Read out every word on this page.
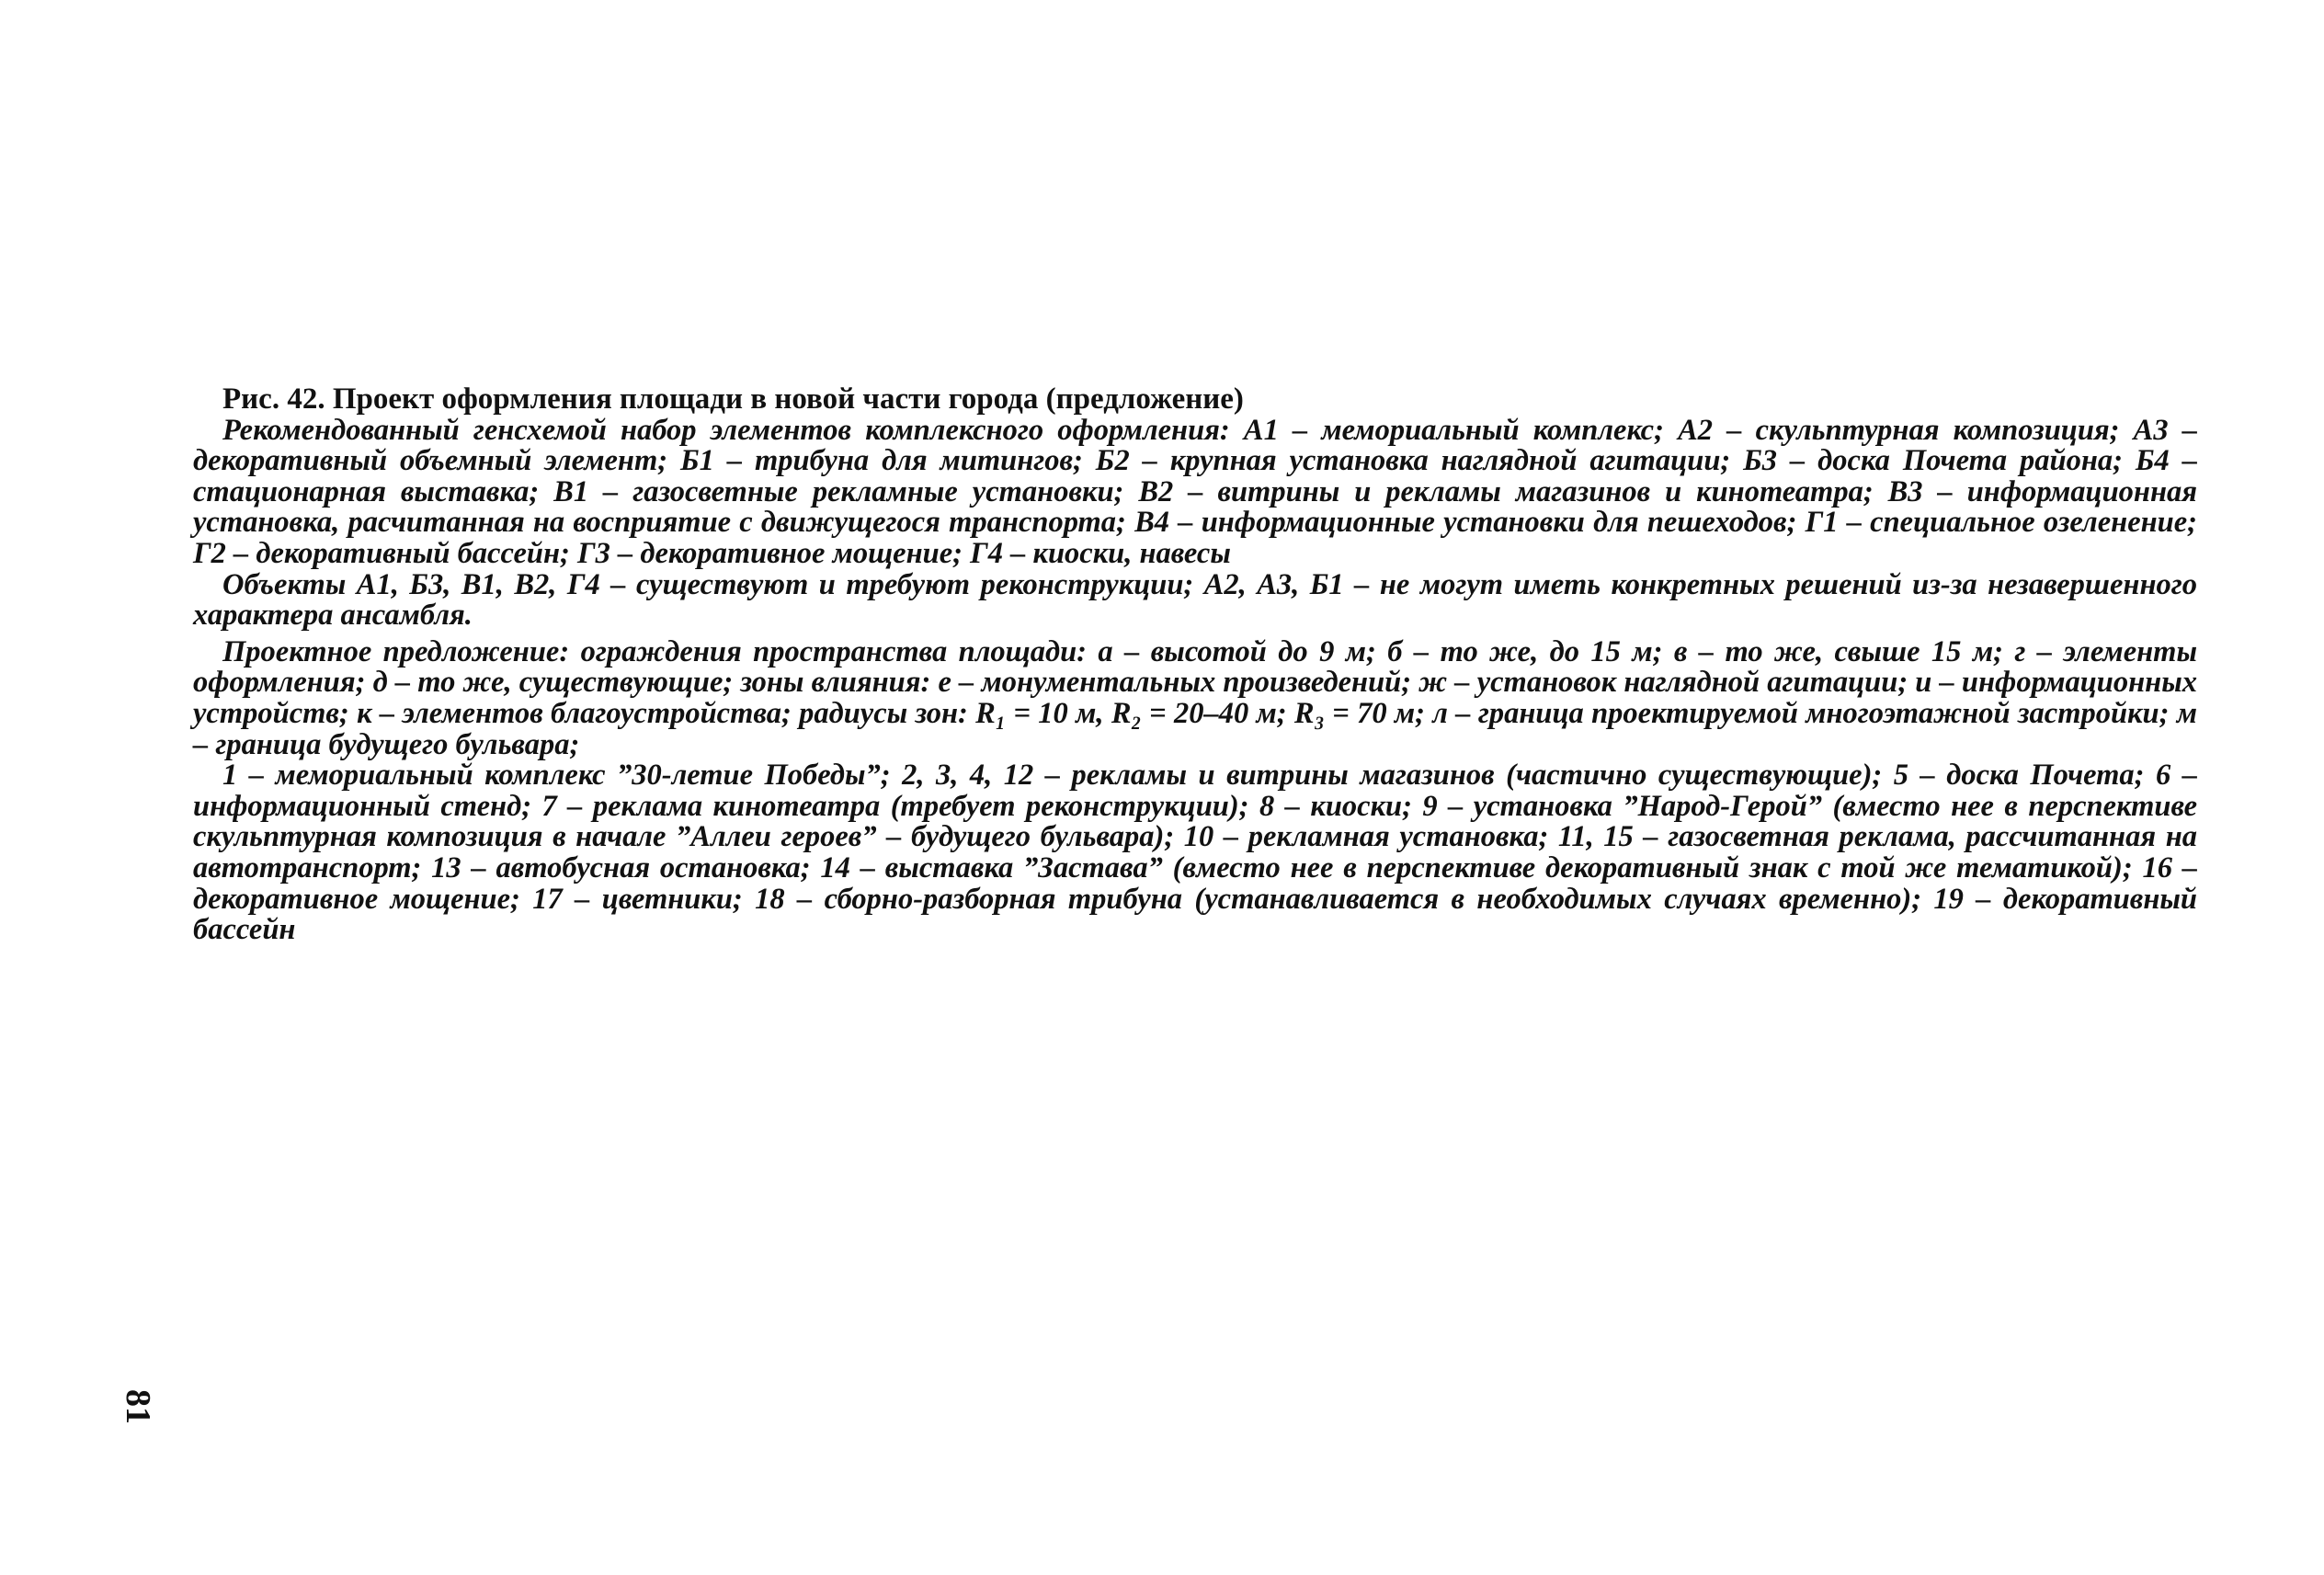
Рис. 42. Проект оформления площади в новой части города (предложение)

Рекомендованный генсхемой набор элементов комплексного оформления: А1 – мемориальный комплекс; А2 – скульптурная композиция; А3 – декоративный объемный элемент; Б1 – трибуна для митингов; Б2 – крупная установка наглядной агитации; Б3 – доска Почета района; Б4 – стационарная выставка; В1 – газосветные рекламные установки; В2 – витрины и рекламы магазинов и кинотеатра; В3 – информационная установка, расчитанная на восприятие с движущегося транспорта; В4 – информационные установки для пешеходов; Г1 – специальное озеленение; Г2 – декоративный бассейн; Г3 – декоративное мощение; Г4 – киоски, навесы

Объекты А1, Б3, В1, В2, Г4 – существуют и требуют реконструкции; А2, А3, Б1 – не могут иметь конкретных решений из-за незавершенного характера ансамбля.

Проектное предложение: ограждения пространства площади: а – высотой до 9 м; б – то же, до 15 м; в – то же, свыше 15 м; г – элементы оформления; д – то же, существующие; зоны влияния: е – монументальных произведений; ж – установок наглядной агитации; и – информационных устройств; к – элементов благоустройства; радиусы зон: R₁ = 10 м, R₂ = 20–40 м; R₃ = 70 м; л – граница проектируемой многоэтажной застройки; м – граница будущего бульвара;

1 – мемориальный комплекс ”30-летие Победы”; 2, 3, 4, 12 – рекламы и витрины магазинов (частично существующие); 5 – доска Почета; 6 – информационный стенд; 7 – реклама кинотеатра (требует реконструкции); 8 – киоски; 9 – установка ”Народ-Герой” (вместо нее в перспективе скульптурная композиция в начале ”Аллеи героев” – будущего бульвара); 10 – рекламная установка; 11, 15 – газосветная реклама, рассчитанная на автотранспорт; 13 – автобусная остановка; 14 – выставка ”Застава” (вместо нее в перспективе декоративный знак с той же тематикой); 16 – декоративное мощение; 17 – цветники; 18 – сборно-разборная трибуна (устанавливается в необходимых случаях временно); 19 – декоративный бассейн

81
